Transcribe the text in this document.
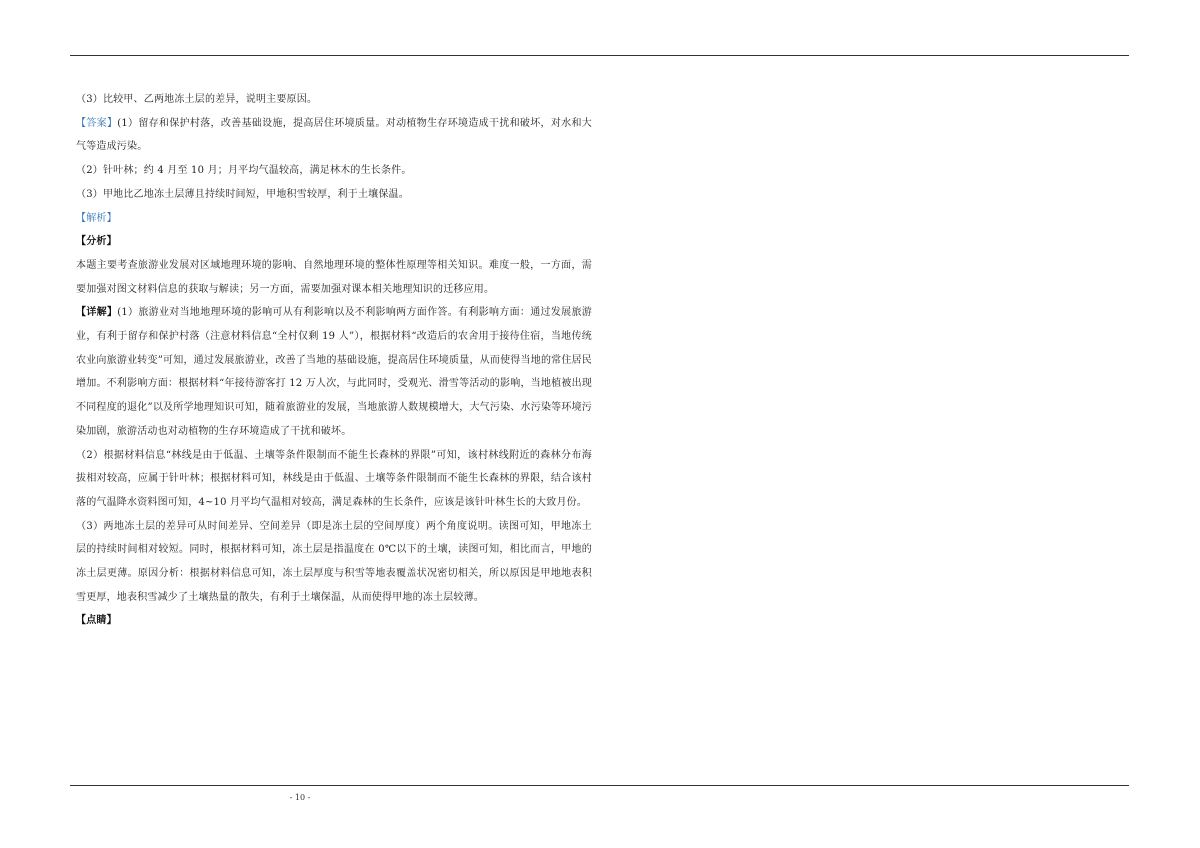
（3）比较甲、乙两地冻土层的差异，说明主要原因。

【答案】(1）留存和保护村落，改善基础设施，提高居住环境质量。对动植物生存环境造成干扰和破坏，对水和大气等造成污染。

（2）针叶林；约 4 月至 10 月；月平均气温较高，满足林木的生长条件。

（3）甲地比乙地冻土层薄且持续时间短，甲地积雪较厚，利于土壤保温。

【解析】

【分析】

本题主要考查旅游业发展对区域地理环境的影响、自然地理环境的整体性原理等相关知识。难度一般，一方面，需要加强对图文材料信息的获取与解读；另一方面，需要加强对课本相关地理知识的迁移应用。

【详解】(1）旅游业对当地地理环境的影响可从有利影响以及不利影响两方面作答。有利影响方面：通过发展旅游业，有利于留存和保护村落（注意材料信息“全村仅剩 19 人”），根据材料“改造后的农舍用于接待住宿，当地传统农业向旅游业转变”可知，通过发展旅游业，改善了当地的基础设施，提高居住环境质量，从而使得当地的常住居民增加。不利影响方面：根据材料“年接待游客打 12 万人次，与此同时，受观光、滑雪等活动的影响，当地植被出现不同程度的退化”以及所学地理知识可知，随着旅游业的发展，当地旅游人数规模增大，大气污染、水污染等环境污染加剧，旅游活动也对动植物的生存环境造成了干扰和破坏。

（2）根据材料信息“林线是由于低温、土壤等条件限制而不能生长森林的界限”可知，该村林线附近的森林分布海拔相对较高，应属于针叶林；根据材料可知，林线是由于低温、土壤等条件限制而不能生长森林的界限，结合该村落的气温降水资料图可知，4~10 月平均气温相对较高，满足森林的生长条件，应该是该针叶林生长的大致月份。

（3）两地冻土层的差异可从时间差异、空间差异（即是冻土层的空间厚度）两个角度说明。读图可知，甲地冻土层的持续时间相对较短。同时，根据材料可知，冻土层是指温度在 0℃以下的土壤，读图可知，相比而言，甲地的冻土层更薄。原因分析：根据材料信息可知，冻土层厚度与积雪等地表覆盖状况密切相关，所以原因是甲地地表积雪更厚，地表积雪减少了土壤热量的散失，有利于土壤保温，从而使得甲地的冻土层较薄。

【点睛】

- 10 -
